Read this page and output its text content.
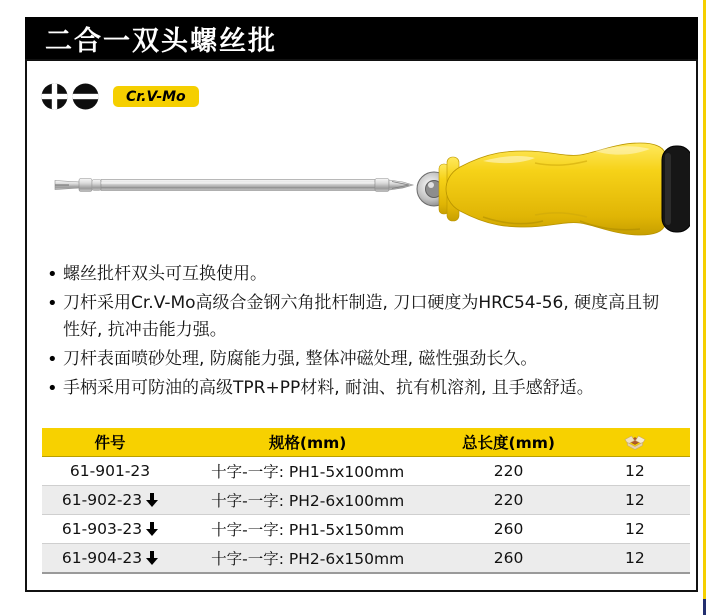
二合一双头螺丝批
Cr.V-Mo
• 螺丝批杆双头可互换使用。
• 刀杆采用Cr.V-Mo高级合金钢六角批杆制造, 刀口硬度为HRC54-56, 硬度高且韧性好, 抗冲击能力强。
• 刀杆表面喷砂处理, 防腐能力强, 整体冲磁处理, 磁性强劲长久。
• 手柄采用可防油的高级TPR+PP材料, 耐油、抗有机溶剂, 且手感舒适。
件号	规格(mm)	总长度(mm)
61-901-23	十字-一字: PH1-5x100mm	220	12
61-902-23	十字-一字: PH2-6x100mm	220	12
61-903-23	十字-一字: PH1-5x150mm	260	12
61-904-23	十字-一字: PH2-6x150mm	260	12
